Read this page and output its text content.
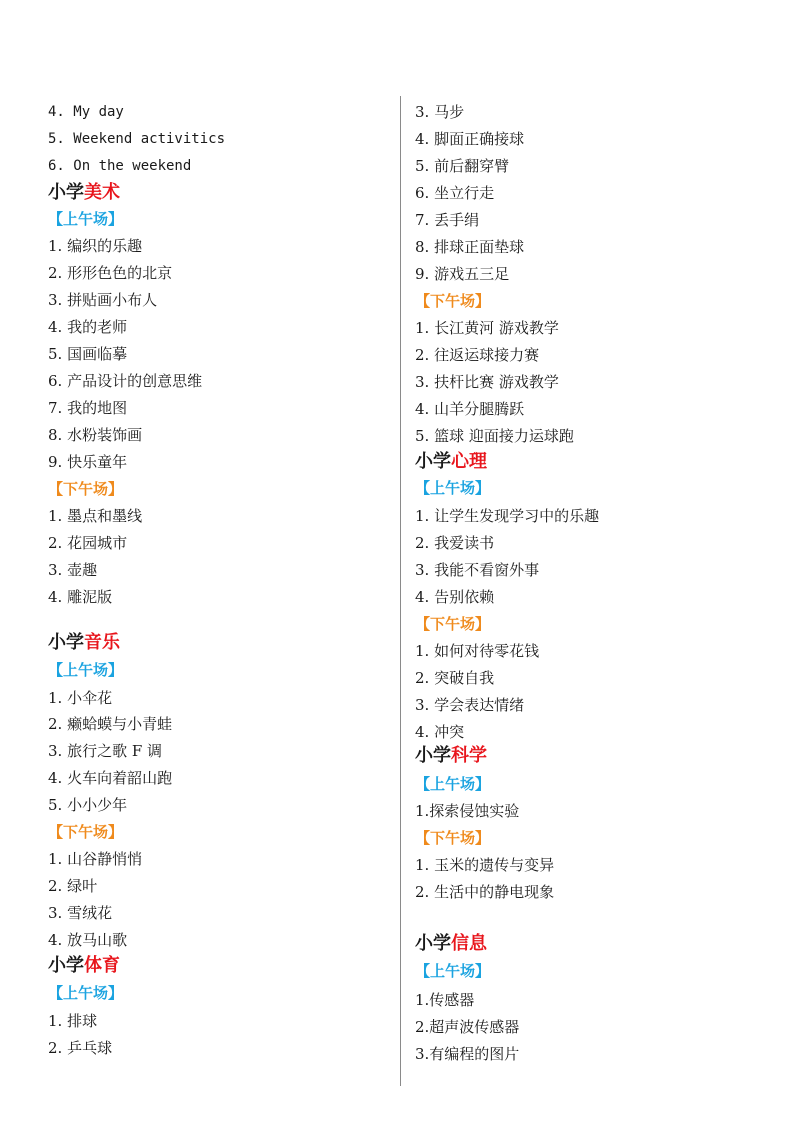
4. My day
5. Weekend activitics
6. On the weekend
小学美术
【上午场】
1. 编织的乐趣
2. 形形色色的北京
3. 拼贴画小布人
4. 我的老师
5. 国画临摹
6. 产品设计的创意思维
7. 我的地图
8. 水粉装饰画
9. 快乐童年
【下午场】
1. 墨点和墨线
2. 花园城市
3. 壶趣
4. 雕泥版
小学音乐
【上午场】
1. 小伞花
2. 癞蛤蟆与小青蛙
3. 旅行之歌 F 调
4. 火车向着韶山跑
5. 小小少年
【下午场】
1. 山谷静悄悄
2. 绿叶
3. 雪绒花
4. 放马山歌
小学体育
【上午场】
1. 排球
2. 乒乓球
3. 马步
4. 脚面正确接球
5. 前后翻穿臂
6. 坐立行走
7. 丢手绢
8. 排球正面垫球
9. 游戏五三足
【下午场】
1. 长江黄河 游戏教学
2. 往返运球接力赛
3. 扶杆比赛 游戏教学
4. 山羊分腿腾跃
5. 篮球 迎面接力运球跑
小学心理
【上午场】
1. 让学生发现学习中的乐趣
2. 我爱读书
3. 我能不看窗外事
4. 告别依赖
【下午场】
1. 如何对待零花钱
2. 突破自我
3. 学会表达情绪
4. 冲突
小学科学
【上午场】
1.探索侵蚀实验
【下午场】
1. 玉米的遗传与变异
2. 生活中的静电现象
小学信息
【上午场】
1.传感器
2.超声波传感器
3.有编程的图片
